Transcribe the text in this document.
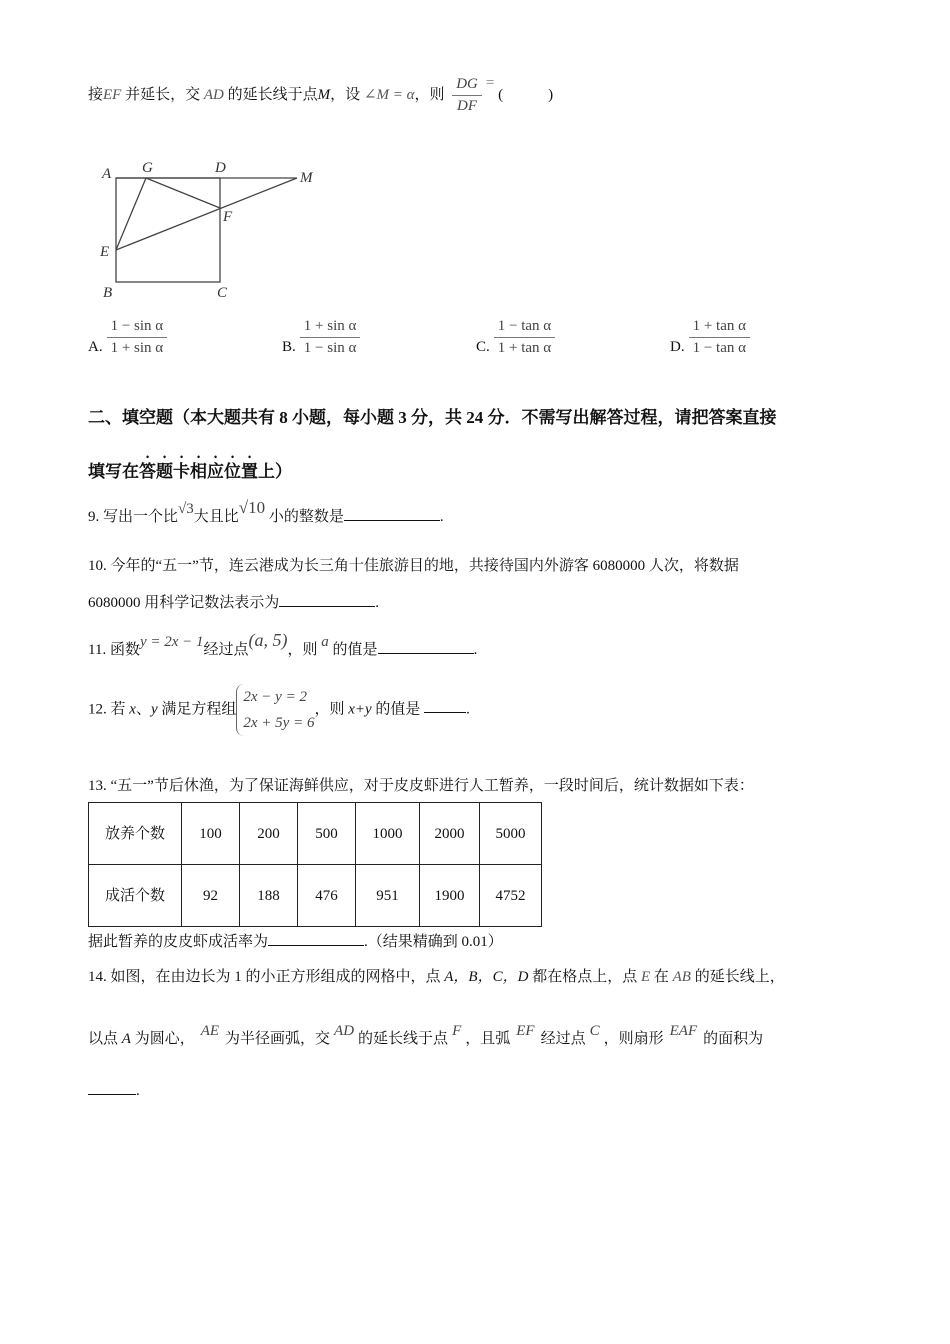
接EF 并延长，交 AD 的延长线于点M，设 ∠M = α，则 $\frac{DG}{DF}$ = (　　　)
A G	D
M
F
E
B	C
A. $\frac{\text{1 − sin α}}{\text{1 + sin α}}$	B. $\frac{\text{1 + sin α}}{\text{1 − sin α}}$	C. $\frac{\text{1 − tan α}}{\text{1 + tan α}}$	D. $\frac{\text{1 + tan α}}{\text{1 − tan α}}$
二、填空题（本大题共有 8 小题，每小题 3 分，共 24 分．不需写出解答过程，请把答案直接
填写在答题卡相应位置上）
9. 写出一个比√3大且比√10 小的整数是	.
10. 今年的“五一”节，连云港成为长三角十佳旅游目的地，共接待国内外游客 6080000 人次，将数据
6080000 用科学记数法表示为	.
11. 函数y = 2x − 1经过点(a, 5)，则 a 的值是	.
12. 若 x、y 满足方程组
2x − y = 2
2x + 5y = 6
，则 x+y 的值是	.
13. “五一”节后休渔，为了保证海鲜供应，对于皮皮虾进行人工暂养，一段时间后，统计数据如下表：
放养个数	100	200	500	1000	2000	5000
成活个数	92	188	476	951	1900	4752
据此暂养的皮皮虾成活率为	.（结果精确到 0.01）
14. 如图，在由边长为 1 的小正方形组成的网格中，点 A，B，C，D 都在格点上，点 E 在 AB 的延长线上，
以点 A 为圆心， AE 为半径画弧，交 AD 的延长线于点 F ，且弧 EF 经过点 C ，则扇形 EAF 的面积为
.
